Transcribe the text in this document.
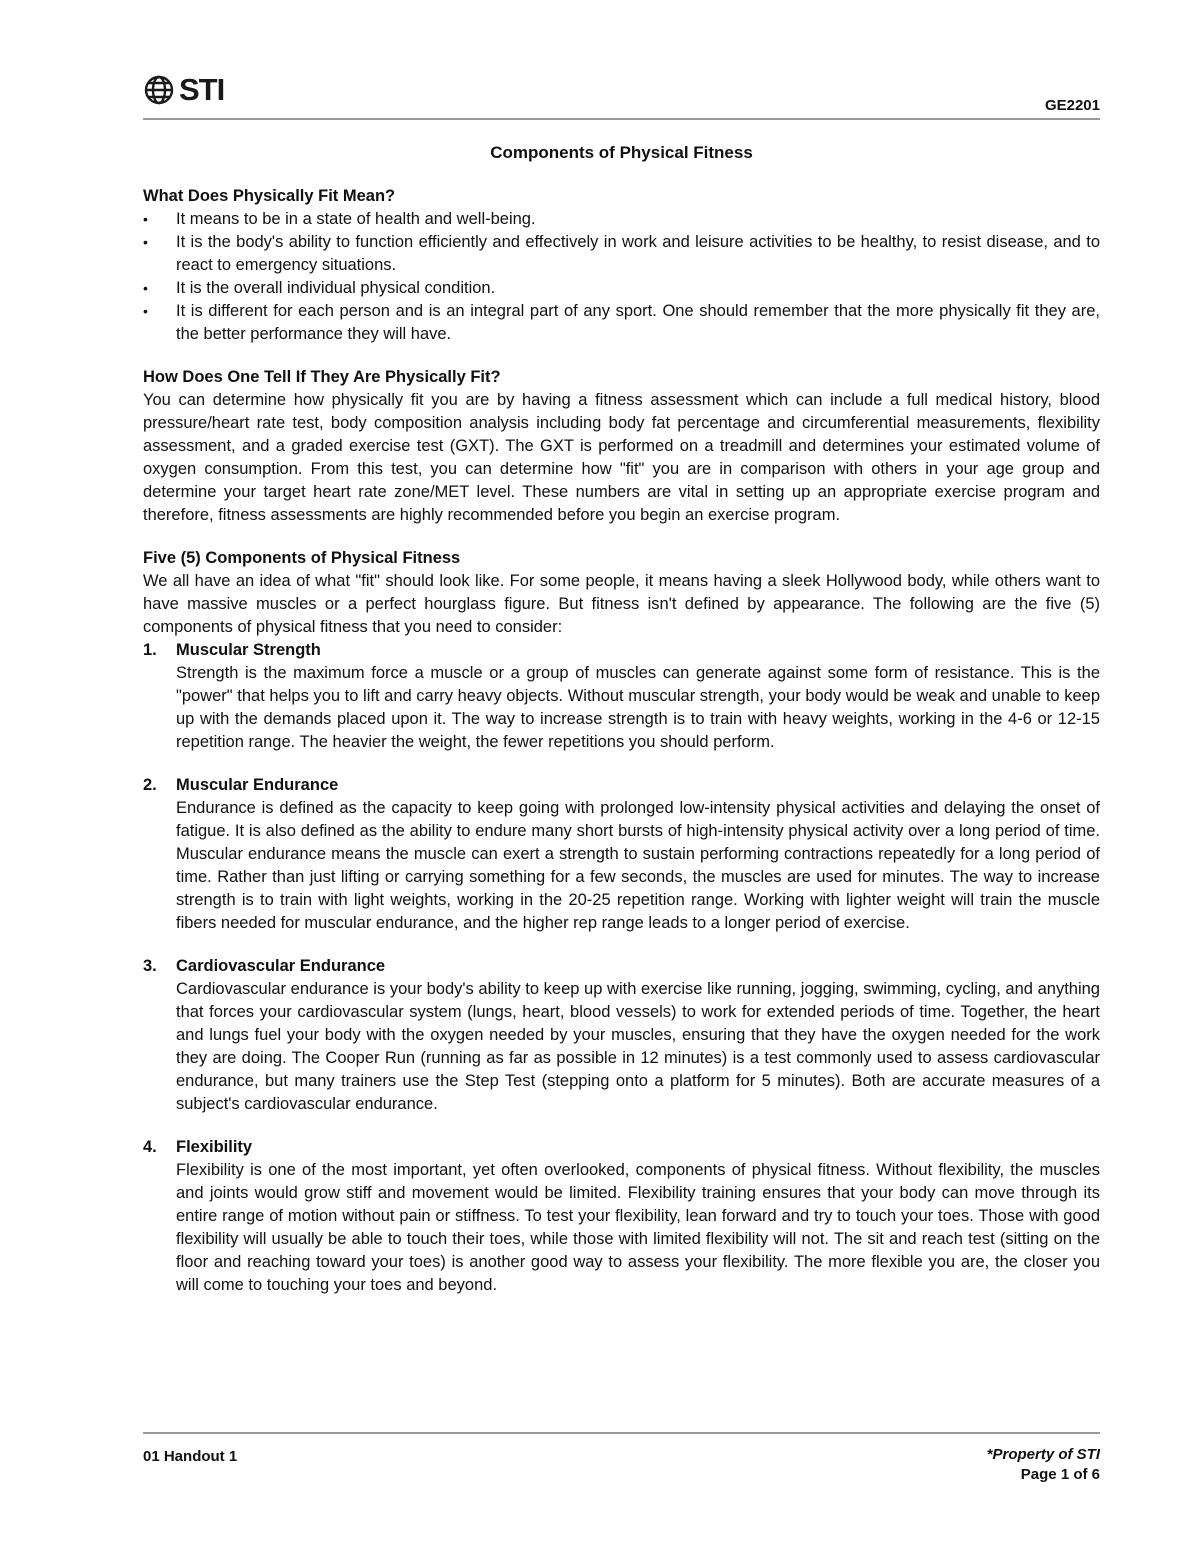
STI	GE2201
Components of Physical Fitness
What Does Physically Fit Mean?
• It means to be in a state of health and well-being.
• It is the body's ability to function efficiently and effectively in work and leisure activities to be healthy, to resist disease, and to react to emergency situations.
• It is the overall individual physical condition.
• It is different for each person and is an integral part of any sport. One should remember that the more physically fit they are, the better performance they will have.
How Does One Tell If They Are Physically Fit?

You can determine how physically fit you are by having a fitness assessment which can include a full medical history, blood pressure/heart rate test, body composition analysis including body fat percentage and circumferential measurements, flexibility assessment, and a graded exercise test (GXT). The GXT is performed on a treadmill and determines your estimated volume of oxygen consumption. From this test, you can determine how "fit" you are in comparison with others in your age group and determine your target heart rate zone/MET level. These numbers are vital in setting up an appropriate exercise program and therefore, fitness assessments are highly recommended before you begin an exercise program.

Five (5) Components of Physical Fitness

We all have an idea of what "fit" should look like. For some people, it means having a sleek Hollywood body, while others want to have massive muscles or a perfect hourglass figure. But fitness isn't defined by appearance. The following are the five (5) components of physical fitness that you need to consider:

1. Muscular Strength

Strength is the maximum force a muscle or a group of muscles can generate against some form of resistance. This is the "power" that helps you to lift and carry heavy objects. Without muscular strength, your body would be weak and unable to keep up with the demands placed upon it. The way to increase strength is to train with heavy weights, working in the 4-6 or 12-15 repetition range. The heavier the weight, the fewer repetitions you should perform.

2. Muscular Endurance

Endurance is defined as the capacity to keep going with prolonged low-intensity physical activities and delaying the onset of fatigue. It is also defined as the ability to endure many short bursts of high-intensity physical activity over a long period of time. Muscular endurance means the muscle can exert a strength to sustain performing contractions repeatedly for a long period of time. Rather than just lifting or carrying something for a few seconds, the muscles are used for minutes. The way to increase strength is to train with light weights, working in the 20-25 repetition range. Working with lighter weight will train the muscle fibers needed for muscular endurance, and the higher rep range leads to a longer period of exercise.

3. Cardiovascular Endurance

Cardiovascular endurance is your body's ability to keep up with exercise like running, jogging, swimming, cycling, and anything that forces your cardiovascular system (lungs, heart, blood vessels) to work for extended periods of time. Together, the heart and lungs fuel your body with the oxygen needed by your muscles, ensuring that they have the oxygen needed for the work they are doing. The Cooper Run (running as far as possible in 12 minutes) is a test commonly used to assess cardiovascular endurance, but many trainers use the Step Test (stepping onto a platform for 5 minutes). Both are accurate measures of a subject's cardiovascular endurance.

4. Flexibility

Flexibility is one of the most important, yet often overlooked, components of physical fitness. Without flexibility, the muscles and joints would grow stiff and movement would be limited. Flexibility training ensures that your body can move through its entire range of motion without pain or stiffness. To test your flexibility, lean forward and try to touch your toes. Those with good flexibility will usually be able to touch their toes, while those with limited flexibility will not. The sit and reach test (sitting on the floor and reaching toward your toes) is another good way to assess your flexibility. The more flexible you are, the closer you will come to touching your toes and beyond.

01 Handout 1	*Property of STI
Page 1 of 6
